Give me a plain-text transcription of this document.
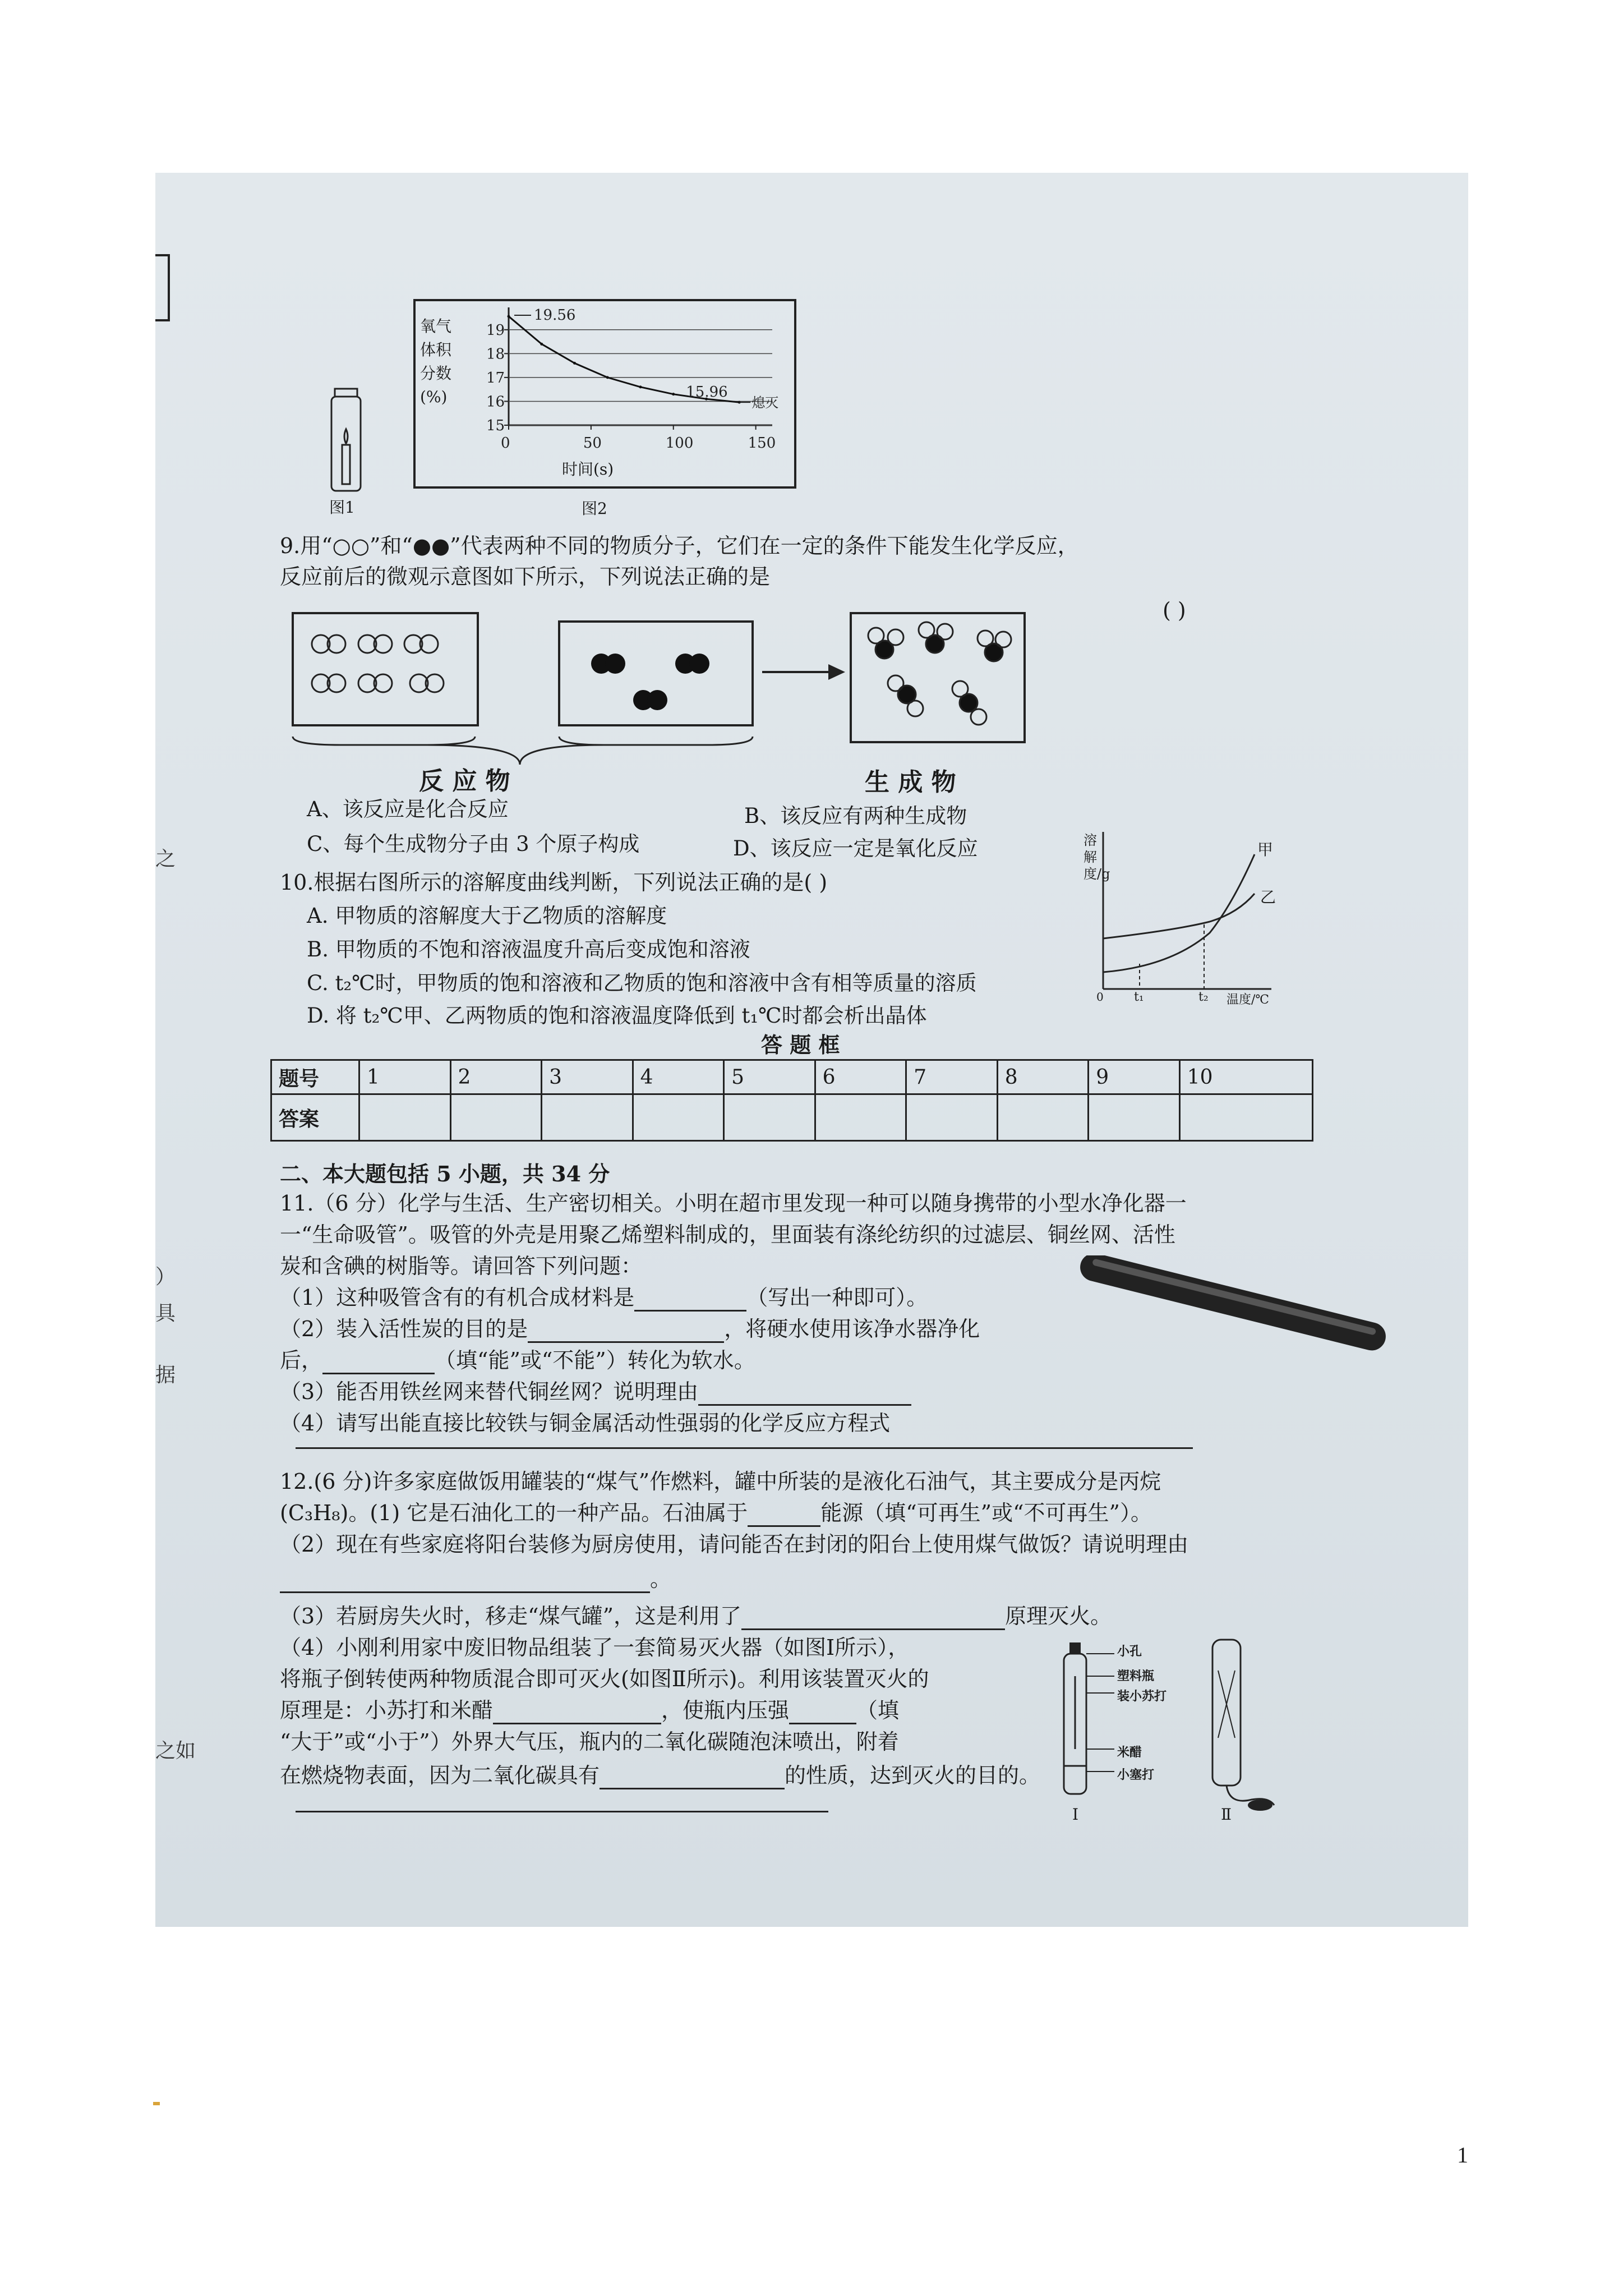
之
）
具
据
之如
图1
氧气
体积
分数
(%)
19
18
17
16
15
0	50	100	150
19.56
15.96
熄灭
时间(s)
图2
9.用“○○”和“●●”代表两种不同的物质分子，它们在一定的条件下能发生化学反应，
反应前后的微观示意图如下所示，下列说法正确的是
( )
反 应 物	生 成 物
A、该反应是化合反应	B、该反应有两种生成物
C、每个生成物分子由 3 个原子构成	D、该反应一定是氧化反应
10.根据右图所示的溶解度曲线判断，下列说法正确的是( )
A. 甲物质的溶解度大于乙物质的溶解度
B. 甲物质的不饱和溶液温度升高后变成饱和溶液
C. t₂℃时，甲物质的饱和溶液和乙物质的饱和溶液中含有相等质量的溶质
D. 将 t₂℃甲、乙两物质的饱和溶液温度降低到 t₁℃时都会析出晶体
溶解度/g
甲
乙
0 t₁	t₂ 温度/℃
答 题 框
题号	1	2	3	4	5	6	7	8	9	10
答案										
二、本大题包括 5 小题，共 34 分
11.（6 分）化学与生活、生产密切相关。小明在超市里发现一种可以随身携带的小型水净化器一
一“生命吸管”。吸管的外壳是用聚乙烯塑料制成的，里面装有涤纶纺织的过滤层、铜丝网、活性
炭和含碘的树脂等。请回答下列问题：
（1）这种吸管含有的有机合成材料是	（写出一种即可）。
（2）装入活性炭的目的是	，将硬水使用该净水器净化
后，	（填“能”或“不能”）转化为软水。
（3）能否用铁丝网来替代铜丝网？说明理由
（4）请写出能直接比较铁与铜金属活动性强弱的化学反应方程式
12.(6 分)许多家庭做饭用罐装的“煤气”作燃料，罐中所装的是液化石油气，其主要成分是丙烷
(C₃H₈)。(1) 它是石油化工的一种产品。石油属于	能源（填“可再生”或“不可再生”）。
（2）现在有些家庭将阳台装修为厨房使用，请问能否在封闭的阳台上使用煤气做饭？请说明理由
。
（3）若厨房失火时，移走“煤气罐”，这是利用了	原理灭火。
（4）小刚利用家中废旧物品组装了一套简易灭火器（如图Ⅰ所示），
将瓶子倒转使两种物质混合即可灭火(如图Ⅱ所示)。利用该装置灭火的
原理是：小苏打和米醋	，使瓶内压强	（填
“大于”或“小于”）外界大气压，瓶内的二氧化碳随泡沫喷出，附着
在燃烧物表面，因为二氧化碳具有	的性质，达到灭火的目的。
小孔
塑料瓶
装小苏打
米醋
小塞打
Ⅰ	Ⅱ
1
